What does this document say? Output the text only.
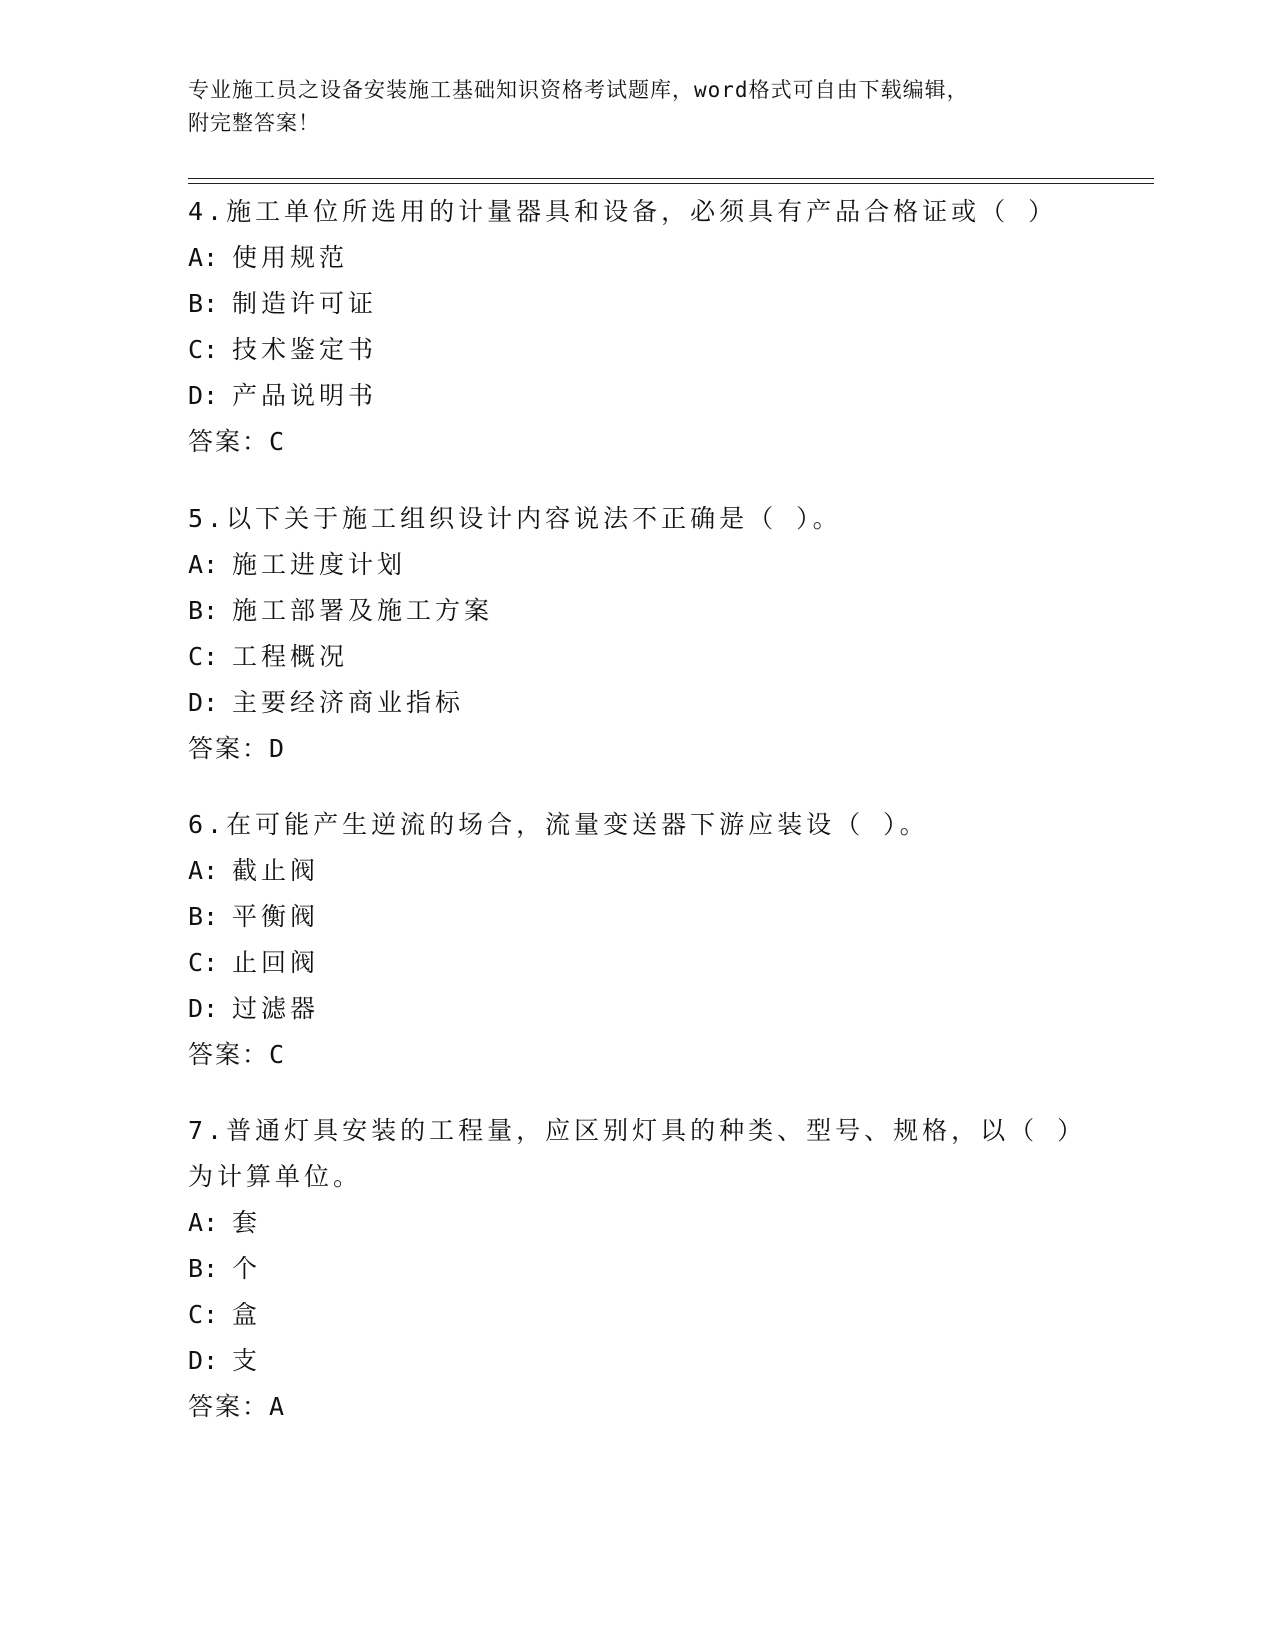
专业施工员之设备安装施工基础知识资格考试题库，word格式可自由下载编辑，
附完整答案！
4.施工单位所选用的计量器具和设备，必须具有产品合格证或（ ）
A: 使用规范
B: 制造许可证
C: 技术鉴定书
D: 产品说明书
答案：C
5.以下关于施工组织设计内容说法不正确是（ ）。
A: 施工进度计划
B: 施工部署及施工方案
C: 工程概况
D: 主要经济商业指标
答案：D
6.在可能产生逆流的场合，流量变送器下游应装设（ ）。
A: 截止阀
B: 平衡阀
C: 止回阀
D: 过滤器
答案：C
7.普通灯具安装的工程量，应区别灯具的种类、型号、规格，以（ ）
为计算单位。
A: 套
B: 个
C: 盒
D: 支
答案：A
